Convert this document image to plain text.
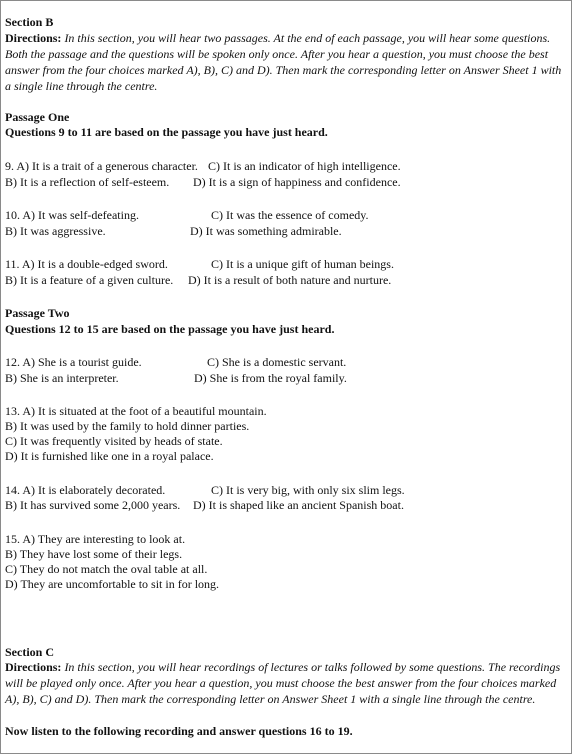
Section B
Directions: In this section, you will hear two passages. At the end of each passage, you will hear some questions. Both the passage and the questions will be spoken only once. After you hear a question, you must choose the best answer from the four choices marked A), B), C) and D). Then mark the corresponding letter on Answer Sheet 1 with a single line through the centre.
Passage One
Questions 9 to 11 are based on the passage you have just heard.
9. A) It is a trait of a generous character. C) It is an indicator of high intelligence.
B) It is a reflection of self-esteem. D) It is a sign of happiness and confidence.
10. A) It was self-defeating.	C) It was the essence of comedy.
B) It was aggressive.	D) It was something admirable.
11. A) It is a double-edged sword.	C) It is a unique gift of human beings.
B) It is a feature of a given culture. D) It is a result of both nature and nurture.
Passage Two
Questions 12 to 15 are based on the passage you have just heard.
12. A) She is a tourist guide.	C) She is a domestic servant.
B) She is an interpreter.	D) She is from the royal family.
13. A) It is situated at the foot of a beautiful mountain.
B) It was used by the family to hold dinner parties.
C) It was frequently visited by heads of state.
D) It is furnished like one in a royal palace.
14. A) It is elaborately decorated.	C) It is very big, with only six slim legs.
B) It has survived some 2,000 years. D) It is shaped like an ancient Spanish boat.
15. A) They are interesting to look at.
B) They have lost some of their legs.
C) They do not match the oval table at all.
D) They are uncomfortable to sit in for long.
Section C
Directions: In this section, you will hear recordings of lectures or talks followed by some questions. The recordings will be played only once. After you hear a question, you must choose the best answer from the four choices marked A), B), C) and D). Then mark the corresponding letter on Answer Sheet 1 with a single line through the centre.
Now listen to the following recording and answer questions 16 to 19.
